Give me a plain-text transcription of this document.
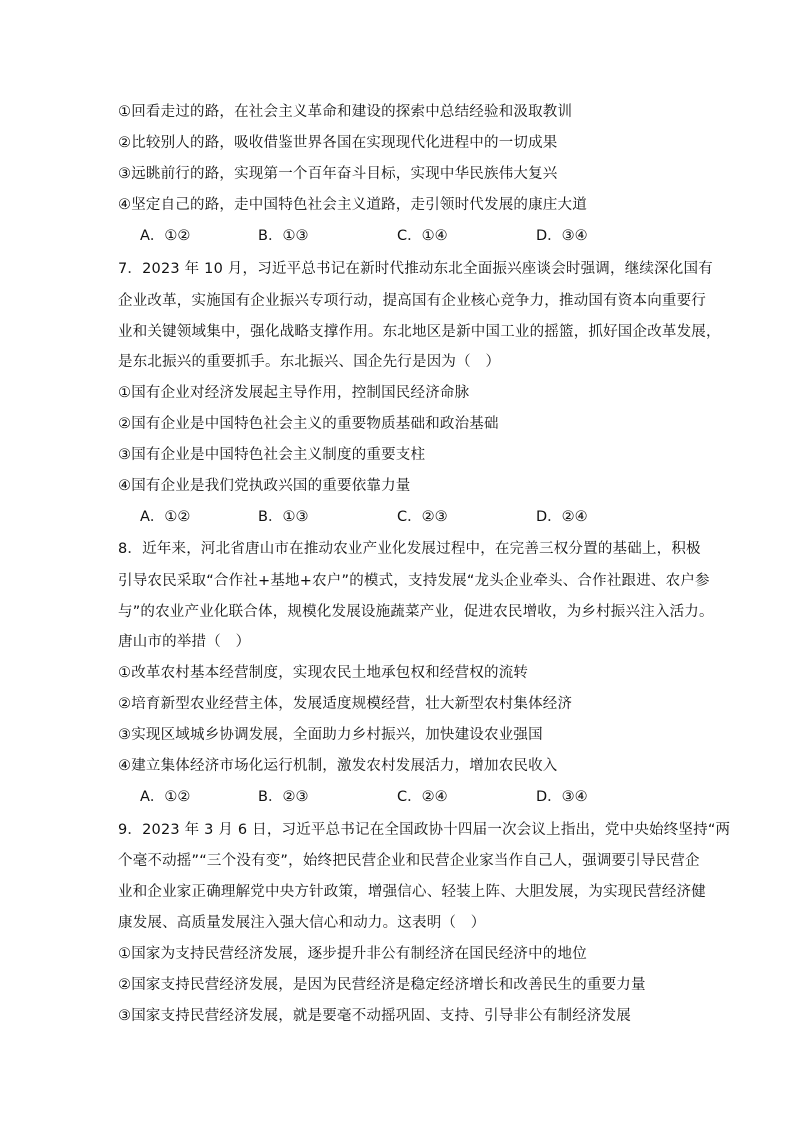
①回看走过的路，在社会主义革命和建设的探索中总结经验和汲取教训
②比较别人的路，吸收借鉴世界各国在实现现代化进程中的一切成果
③远眺前行的路，实现第一个百年奋斗目标，实现中华民族伟大复兴
④坚定自己的路，走中国特色社会主义道路，走引领时代发展的康庄大道
A．①②	B．①③	C．①④	D．③④
7．2023 年 10 月，习近平总书记在新时代推动东北全面振兴座谈会时强调，继续深化国有
企业改革，实施国有企业振兴专项行动，提高国有企业核心竞争力，推动国有资本向重要行
业和关键领域集中，强化战略支撑作用。东北地区是新中国工业的摇篮，抓好国企改革发展，
是东北振兴的重要抓手。东北振兴、国企先行是因为（　）
①国有企业对经济发展起主导作用，控制国民经济命脉
②国有企业是中国特色社会主义的重要物质基础和政治基础
③国有企业是中国特色社会主义制度的重要支柱
④国有企业是我们党执政兴国的重要依靠力量
A．①②	B．①③	C．②③	D．②④
8．近年来，河北省唐山市在推动农业产业化发展过程中，在完善三权分置的基础上，积极
引导农民采取“合作社+基地+农户”的模式，支持发展“龙头企业牵头、合作社跟进、农户参
与”的农业产业化联合体，规模化发展设施蔬菜产业，促进农民增收，为乡村振兴注入活力。
唐山市的举措（　）
①改革农村基本经营制度，实现农民土地承包权和经营权的流转
②培育新型农业经营主体，发展适度规模经营，壮大新型农村集体经济
③实现区域城乡协调发展，全面助力乡村振兴，加快建设农业强国
④建立集体经济市场化运行机制，激发农村发展活力，增加农民收入
A．①②	B．②③	C．②④	D．③④
9．2023 年 3 月 6 日，习近平总书记在全国政协十四届一次会议上指出，党中央始终坚持“两
个毫不动摇”“三个没有变”，始终把民营企业和民营企业家当作自己人，强调要引导民营企
业和企业家正确理解党中央方针政策，增强信心、轻装上阵、大胆发展，为实现民营经济健
康发展、高质量发展注入强大信心和动力。这表明（　）
①国家为支持民营经济发展，逐步提升非公有制经济在国民经济中的地位
②国家支持民营经济发展，是因为民营经济是稳定经济增长和改善民生的重要力量
③国家支持民营经济发展，就是要毫不动摇巩固、支持、引导非公有制经济发展
